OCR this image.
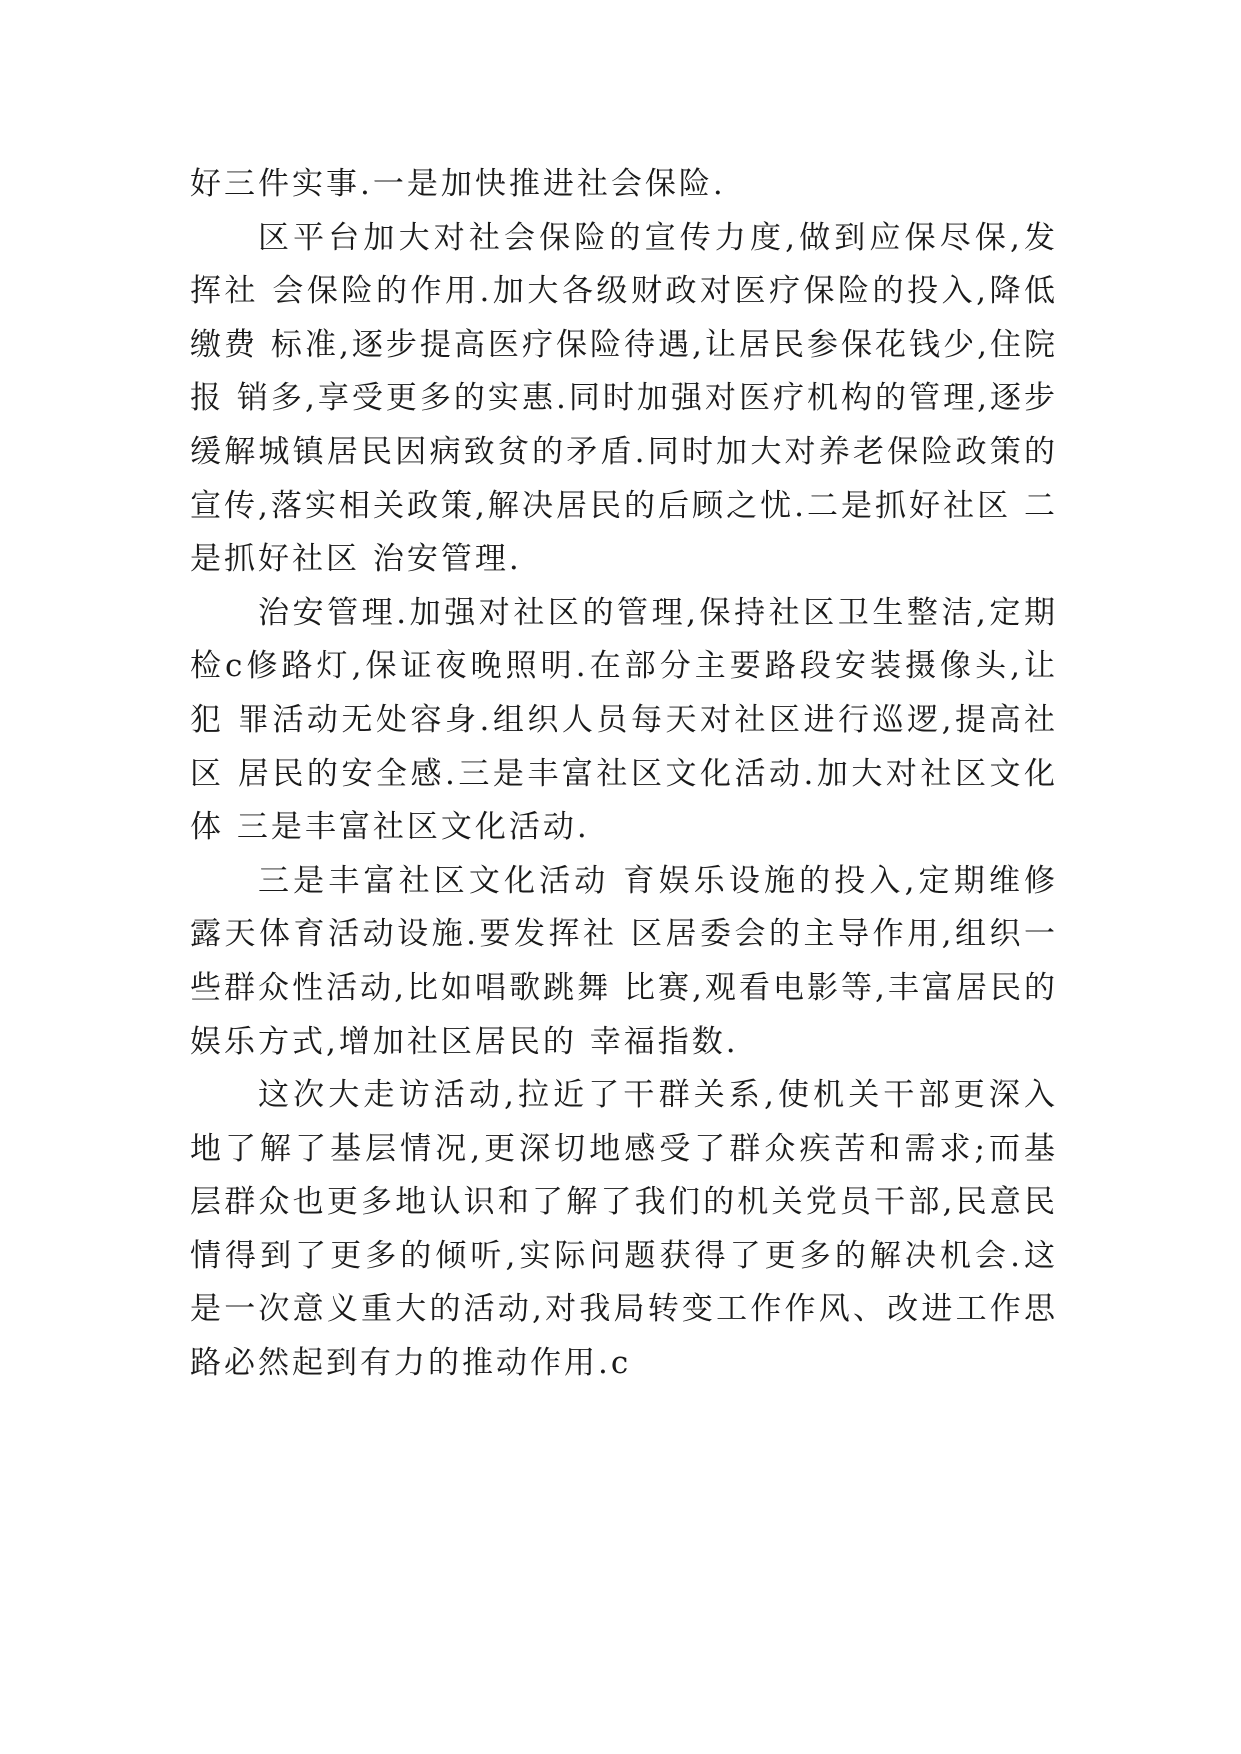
好三件实事.一是加快推进社会保险.

区平台加大对社会保险的宣传力度,做到应保尽保,发挥社 会保险的作用.加大各级财政对医疗保险的投入,降低缴费 标准,逐步提高医疗保险待遇,让居民参保花钱少,住院报 销多,享受更多的实惠.同时加强对医疗机构的管理,逐步 缓解城镇居民因病致贫的矛盾.同时加大对养老保险政策的 宣传,落实相关政策,解决居民的后顾之忧.二是抓好社区 二是抓好社区 治安管理.

治安管理.加强对社区的管理,保持社区卫生整洁,定期检c修路灯,保证夜晚照明.在部分主要路段安装摄像头,让犯 罪活动无处容身.组织人员每天对社区进行巡逻,提高社区 居民的安全感.三是丰富社区文化活动.加大对社区文化体 三是丰富社区文化活动.

三是丰富社区文化活动 育娱乐设施的投入,定期维修露天体育活动设施.要发挥社 区居委会的主导作用,组织一些群众性活动,比如唱歌跳舞 比赛,观看电影等,丰富居民的娱乐方式,增加社区居民的 幸福指数.

这次大走访活动,拉近了干群关系,使机关干部更深入地了解了基层情况,更深切地感受了群众疾苦和需求;而基层群众也更多地认识和了解了我们的机关党员干部,民意民情得到了更多的倾听,实际问题获得了更多的解决机会.这是一次意义重大的活动,对我局转变工作作风、改进工作思路必然起到有力的推动作用.c
